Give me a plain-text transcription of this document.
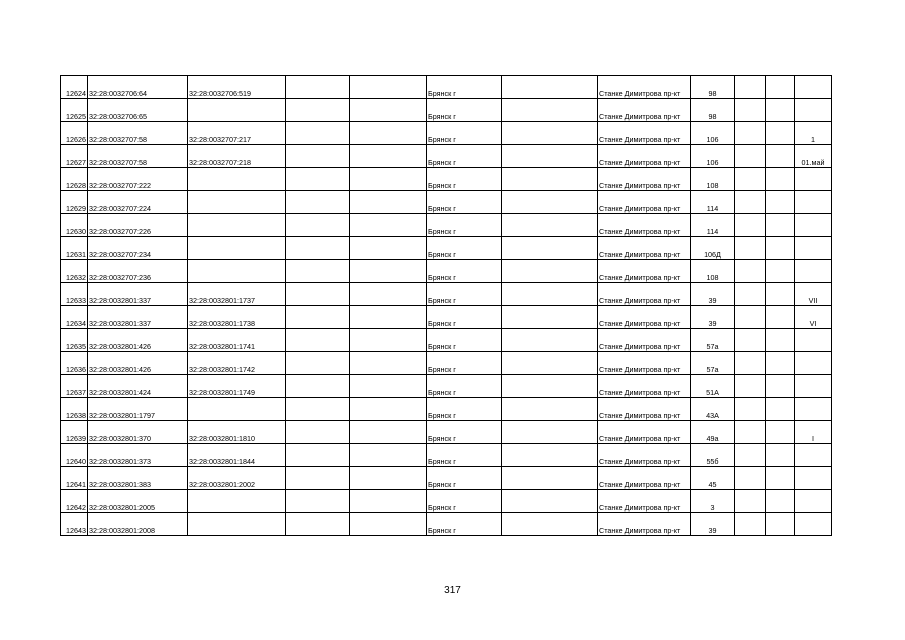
12624	32:28:0032706:64	32:28:0032706:519			Брянск г		Станке Димитрова пр-кт	98			
12625	32:28:0032706:65				Брянск г		Станке Димитрова пр-кт	98			
12626	32:28:0032707:58	32:28:0032707:217			Брянск г		Станке Димитрова пр-кт	106			1
12627	32:28:0032707:58	32:28:0032707:218			Брянск г		Станке Димитрова пр-кт	106			01.май
12628	32:28:0032707:222				Брянск г		Станке Димитрова пр-кт	108			
12629	32:28:0032707:224				Брянск г		Станке Димитрова пр-кт	114			
12630	32:28:0032707:226				Брянск г		Станке Димитрова пр-кт	114			
12631	32:28:0032707:234				Брянск г		Станке Димитрова пр-кт	106Д			
12632	32:28:0032707:236				Брянск г		Станке Димитрова пр-кт	108			
12633	32:28:0032801:337	32:28:0032801:1737			Брянск г		Станке Димитрова пр-кт	39			VII
12634	32:28:0032801:337	32:28:0032801:1738			Брянск г		Станке Димитрова пр-кт	39			VI
12635	32:28:0032801:426	32:28:0032801:1741			Брянск г		Станке Димитрова пр-кт	57а			
12636	32:28:0032801:426	32:28:0032801:1742			Брянск г		Станке Димитрова пр-кт	57а			
12637	32:28:0032801:424	32:28:0032801:1749			Брянск г		Станке Димитрова пр-кт	51А			
12638	32:28:0032801:1797				Брянск г		Станке Димитрова пр-кт	43А			
12639	32:28:0032801:370	32:28:0032801:1810			Брянск г		Станке Димитрова пр-кт	49а			I
12640	32:28:0032801:373	32:28:0032801:1844			Брянск г		Станке Димитрова пр-кт	55б			
12641	32:28:0032801:383	32:28:0032801:2002			Брянск г		Станке Димитрова пр-кт	45			
12642	32:28:0032801:2005				Брянск г		Станке Димитрова пр-кт	3			
12643	32:28:0032801:2008				Брянск г		Станке Димитрова пр-кт	39			
317
